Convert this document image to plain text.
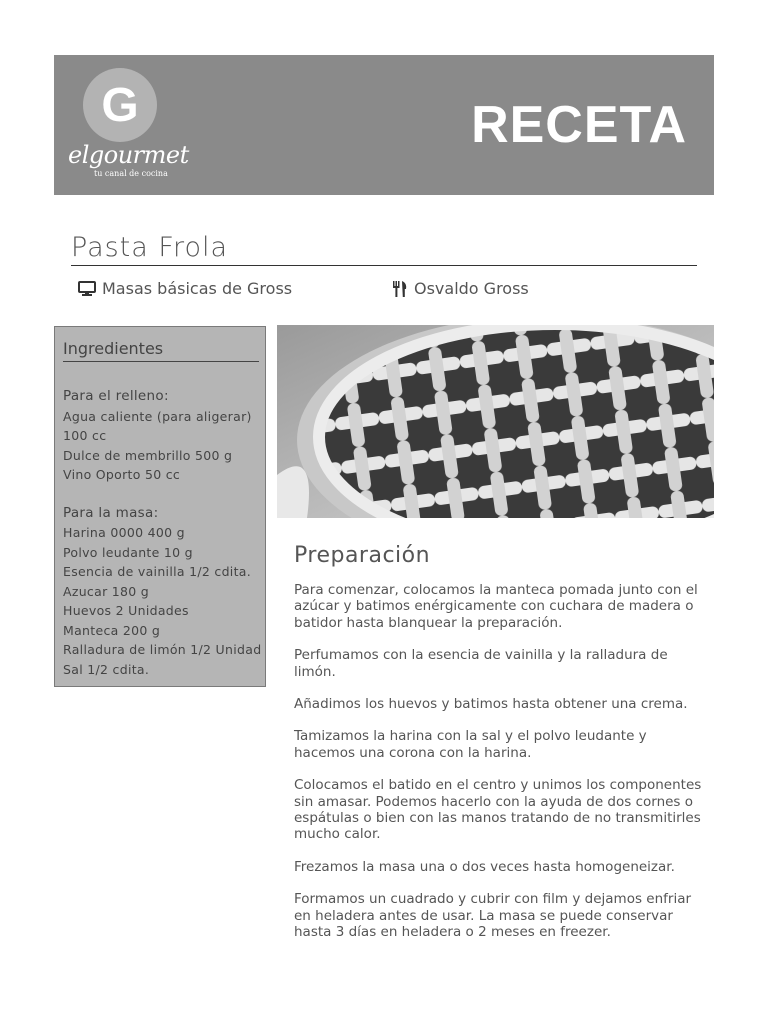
G
elgourmet
tu canal de cocina
RECETA
Pasta Frola
Masas básicas de Gross	Osvaldo Gross
Ingredientes
Para el relleno:
Agua caliente (para aligerar) 100 cc
Dulce de membrillo 500 g
Vino Oporto 50 cc
Para la masa:
Harina 0000 400 g
Polvo leudante 10 g
Esencia de vainilla 1/2 cdita.
Azucar 180 g
Huevos 2 Unidades
Manteca 200 g
Ralladura de limón 1/2 Unidad
Sal 1/2 cdita.
Preparación

Para comenzar, colocamos la manteca pomada junto con el azúcar y batimos enérgicamente con cuchara de madera o batidor hasta blanquear la preparación.

Perfumamos con la esencia de vainilla y la ralladura de limón.

Añadimos los huevos y batimos hasta obtener una crema.

Tamizamos la harina con la sal y el polvo leudante y hacemos una corona con la harina.

Colocamos el batido en el centro y unimos los componentes sin amasar. Podemos hacerlo con la ayuda de dos cornes o espátulas o bien con las manos tratando de no transmitirles mucho calor.

Frezamos la masa una o dos veces hasta homogeneizar.

Formamos un cuadrado y cubrir con film y dejamos enfriar en heladera antes de usar. La masa se puede conservar hasta 3 días en heladera o 2 meses en freezer.
